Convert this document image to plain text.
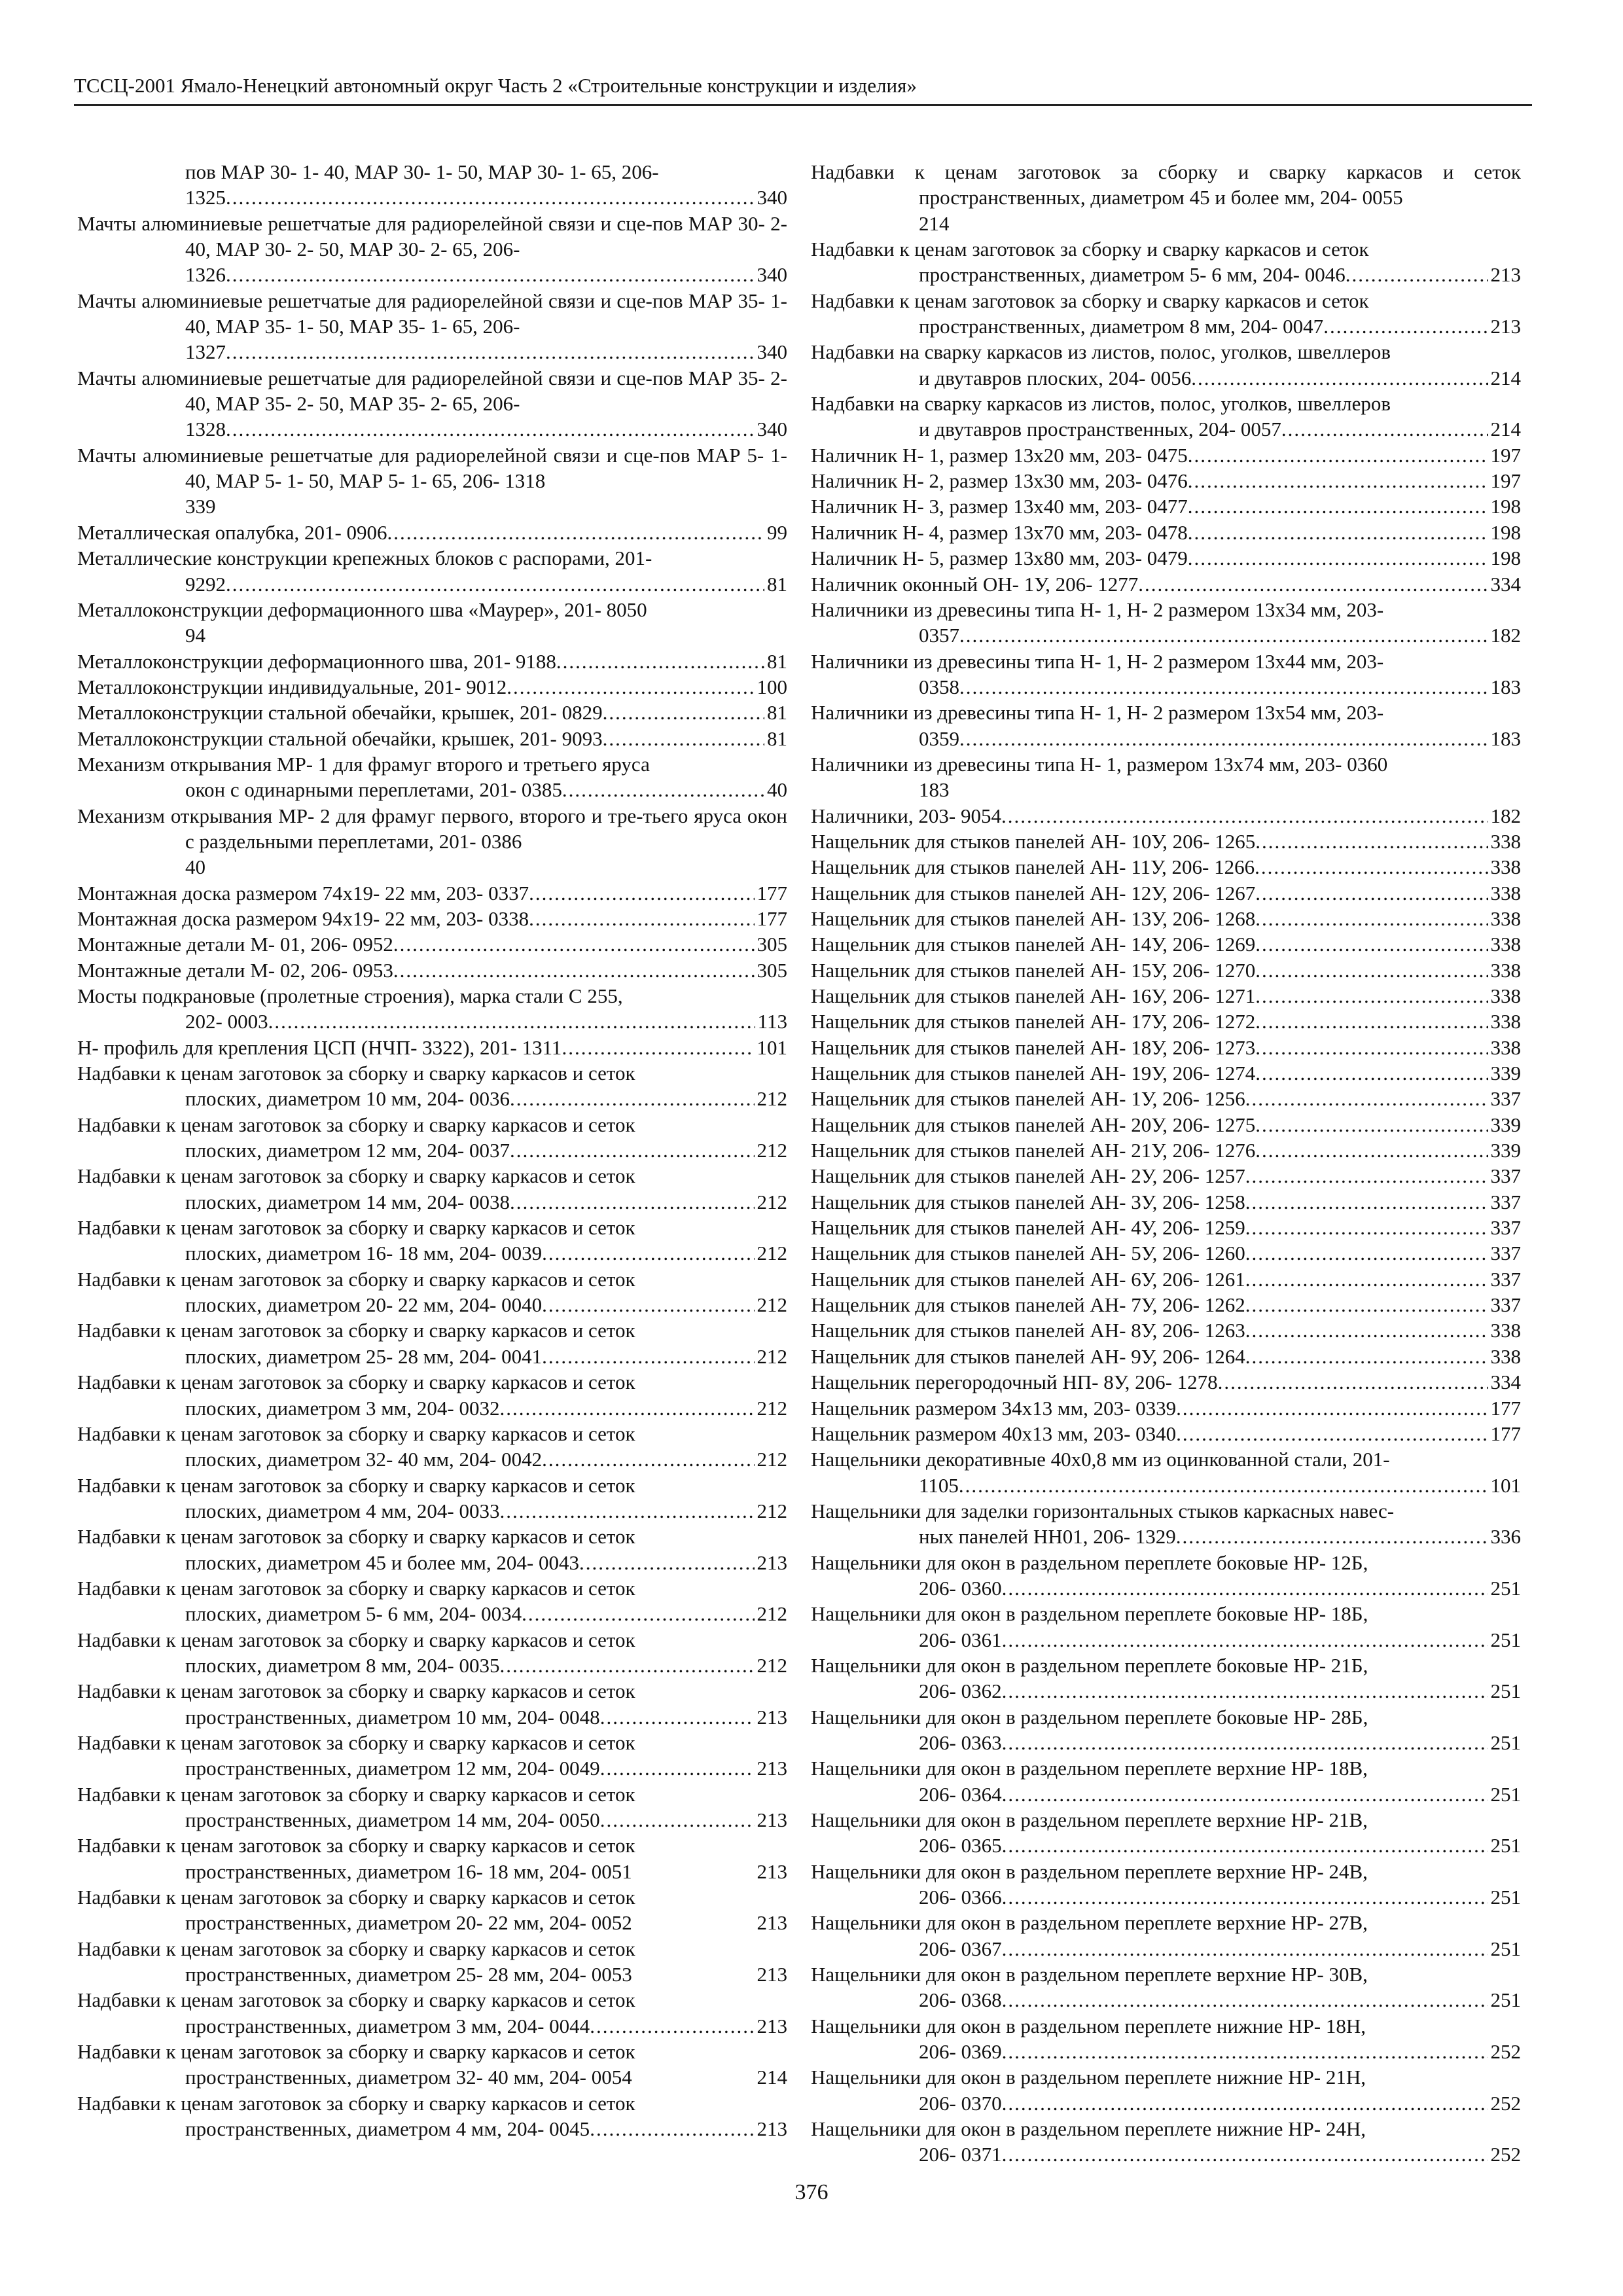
ТССЦ-2001 Ямало-Ненецкий автономный округ Часть 2 «Строительные конструкции и изделия»
пов МАР 30- 1- 40, МАР 30- 1- 50, МАР 30- 1- 65, 206-
1325 .....	340
Мачты алюминиевые решетчатые для радиорелейной связи и сце-пов МАР 30- 2- 40, МАР 30- 2- 50, МАР 30- 2- 65, 206-
1326 .....	340
Мачты алюминиевые решетчатые для радиорелейной связи и сце-пов МАР 35- 1- 40, МАР 35- 1- 50, МАР 35- 1- 65, 206-
1327 .....	340
Мачты алюминиевые решетчатые для радиорелейной связи и сце-пов МАР 35- 2- 40, МАР 35- 2- 50, МАР 35- 2- 65, 206-
1328 .....	340
Мачты алюминиевые решетчатые для радиорелейной связи и сце-пов МАР 5- 1- 40, МАР 5- 1- 50, МАР 5- 1- 65, 206- 1318
339
Металлическая опалубка, 201- 0906 .....	99
Металлические конструкции крепежных блоков с распорами, 201-
9292 .....	81
Металлоконструкции деформационного шва «Маурер», 201- 8050
94
Металлоконструкции деформационного шва, 201- 9188 .....	81
Металлоконструкции индивидуальные, 201- 9012 .....	100
Металлоконструкции стальной обечайки, крышек, 201- 0829 .....	81
Металлоконструкции стальной обечайки, крышек, 201- 9093 .....	81
Механизм открывания МР- 1 для фрамуг второго и третьего яруса
окон с одинарными переплетами, 201- 0385 .....	40
Механизм открывания МР- 2 для фрамуг первого, второго и тре-тьего яруса окон с раздельными переплетами, 201- 0386
40
Монтажная доска размером 74х19- 22 мм, 203- 0337 .....	177
Монтажная доска размером 94х19- 22 мм, 203- 0338 .....	177
Монтажные детали М- 01, 206- 0952 .....	305
Монтажные детали М- 02, 206- 0953 .....	305
Мосты подкрановые (пролетные строения), марка стали С 255,
202- 0003 .....	113
Н- профиль для крепления ЦСП (НЧП- 3322), 201- 1311 .....	101
Надбавки к ценам заготовок за сборку и сварку каркасов и сеток
плоских, диаметром 10 мм, 204- 0036 .....	212
Надбавки к ценам заготовок за сборку и сварку каркасов и сеток
плоских, диаметром 12 мм, 204- 0037 .....	212
Надбавки к ценам заготовок за сборку и сварку каркасов и сеток
плоских, диаметром 14 мм, 204- 0038 .....	212
Надбавки к ценам заготовок за сборку и сварку каркасов и сеток
плоских, диаметром 16- 18 мм, 204- 0039 .....	212
Надбавки к ценам заготовок за сборку и сварку каркасов и сеток
плоских, диаметром 20- 22 мм, 204- 0040 .....	212
Надбавки к ценам заготовок за сборку и сварку каркасов и сеток
плоских, диаметром 25- 28 мм, 204- 0041 .....	212
Надбавки к ценам заготовок за сборку и сварку каркасов и сеток
плоских, диаметром 3 мм, 204- 0032 .....	212
Надбавки к ценам заготовок за сборку и сварку каркасов и сеток
плоских, диаметром 32- 40 мм, 204- 0042 .....	212
Надбавки к ценам заготовок за сборку и сварку каркасов и сеток
плоских, диаметром 4 мм, 204- 0033 .....	212
Надбавки к ценам заготовок за сборку и сварку каркасов и сеток
плоских, диаметром 45 и более мм, 204- 0043 .....	213
Надбавки к ценам заготовок за сборку и сварку каркасов и сеток
плоских, диаметром 5- 6 мм, 204- 0034 .....	212
Надбавки к ценам заготовок за сборку и сварку каркасов и сеток
плоских, диаметром 8 мм, 204- 0035 .....	212
Надбавки к ценам заготовок за сборку и сварку каркасов и сеток
пространственных, диаметром 10 мм, 204- 0048 .....	213
Надбавки к ценам заготовок за сборку и сварку каркасов и сеток
пространственных, диаметром 12 мм, 204- 0049 .....	213
Надбавки к ценам заготовок за сборку и сварку каркасов и сеток
пространственных, диаметром 14 мм, 204- 0050 .....	213
Надбавки к ценам заготовок за сборку и сварку каркасов и сеток
пространственных, диаметром 16- 18 мм, 204- 0051	213
Надбавки к ценам заготовок за сборку и сварку каркасов и сеток
пространственных, диаметром 20- 22 мм, 204- 0052	213
Надбавки к ценам заготовок за сборку и сварку каркасов и сеток
пространственных, диаметром 25- 28 мм, 204- 0053	213
Надбавки к ценам заготовок за сборку и сварку каркасов и сеток
пространственных, диаметром 3 мм, 204- 0044 .....	213
Надбавки к ценам заготовок за сборку и сварку каркасов и сеток
пространственных, диаметром 32- 40 мм, 204- 0054	214
Надбавки к ценам заготовок за сборку и сварку каркасов и сеток
пространственных, диаметром 4 мм, 204- 0045 .....	213
Надбавки к ценам заготовок за сборку и сварку каркасов и сеток пространственных, диаметром 45 и более мм, 204- 0055
214
Надбавки к ценам заготовок за сборку и сварку каркасов и сеток
пространственных, диаметром 5- 6 мм, 204- 0046 .....	213
Надбавки к ценам заготовок за сборку и сварку каркасов и сеток
пространственных, диаметром 8 мм, 204- 0047 .....	213
Надбавки на сварку каркасов из листов, полос, уголков, швеллеров
и двутавров плоских, 204- 0056 .....	214
Надбавки на сварку каркасов из листов, полос, уголков, швеллеров
и двутавров пространственных, 204- 0057 .....	214
Наличник Н- 1, размер 13х20 мм, 203- 0475 .....	197
Наличник Н- 2, размер 13х30 мм, 203- 0476 .....	197
Наличник Н- 3, размер 13х40 мм, 203- 0477 .....	198
Наличник Н- 4, размер 13х70 мм, 203- 0478 .....	198
Наличник Н- 5, размер 13х80 мм, 203- 0479 .....	198
Наличник оконный ОН- 1У, 206- 1277 .....	334
Наличники из древесины типа Н- 1, Н- 2 размером 13х34 мм, 203-
0357 .....	182
Наличники из древесины типа Н- 1, Н- 2 размером 13х44 мм, 203-
0358 .....	183
Наличники из древесины типа Н- 1, Н- 2 размером 13х54 мм, 203-
0359 .....	183
Наличники из древесины типа Н- 1, размером 13х74 мм, 203- 0360
183
Наличники, 203- 9054 .....	182
Нащельник для стыков панелей АН- 10У, 206- 1265 .....	338
Нащельник для стыков панелей АН- 11У, 206- 1266 .....	338
Нащельник для стыков панелей АН- 12У, 206- 1267 .....	338
Нащельник для стыков панелей АН- 13У, 206- 1268 .....	338
Нащельник для стыков панелей АН- 14У, 206- 1269 .....	338
Нащельник для стыков панелей АН- 15У, 206- 1270 .....	338
Нащельник для стыков панелей АН- 16У, 206- 1271 .....	338
Нащельник для стыков панелей АН- 17У, 206- 1272 .....	338
Нащельник для стыков панелей АН- 18У, 206- 1273 .....	338
Нащельник для стыков панелей АН- 19У, 206- 1274 .....	339
Нащельник для стыков панелей АН- 1У, 206- 1256 .....	337
Нащельник для стыков панелей АН- 20У, 206- 1275 .....	339
Нащельник для стыков панелей АН- 21У, 206- 1276 .....	339
Нащельник для стыков панелей АН- 2У, 206- 1257 .....	337
Нащельник для стыков панелей АН- 3У, 206- 1258 .....	337
Нащельник для стыков панелей АН- 4У, 206- 1259 .....	337
Нащельник для стыков панелей АН- 5У, 206- 1260 .....	337
Нащельник для стыков панелей АН- 6У, 206- 1261 .....	337
Нащельник для стыков панелей АН- 7У, 206- 1262 .....	337
Нащельник для стыков панелей АН- 8У, 206- 1263 .....	338
Нащельник для стыков панелей АН- 9У, 206- 1264 .....	338
Нащельник перегородочный НП- 8У, 206- 1278 .....	334
Нащельник размером 34х13 мм, 203- 0339 .....	177
Нащельник размером 40х13 мм, 203- 0340 .....	177
Нащельники декоративные 40х0,8 мм из оцинкованной стали, 201-
1105 .....	101
Нащельники для заделки горизонтальных стыков каркасных навес-
ных панелей НН01, 206- 1329 .....	336
Нащельники для окон в раздельном переплете боковые НР- 12Б,
206- 0360 .....	251
Нащельники для окон в раздельном переплете боковые НР- 18Б,
206- 0361 .....	251
Нащельники для окон в раздельном переплете боковые НР- 21Б,
206- 0362 .....	251
Нащельники для окон в раздельном переплете боковые НР- 28Б,
206- 0363 .....	251
Нащельники для окон в раздельном переплете верхние НР- 18В,
206- 0364 .....	251
Нащельники для окон в раздельном переплете верхние НР- 21В,
206- 0365 .....	251
Нащельники для окон в раздельном переплете верхние НР- 24В,
206- 0366 .....	251
Нащельники для окон в раздельном переплете верхние НР- 27В,
206- 0367 .....	251
Нащельники для окон в раздельном переплете верхние НР- 30В,
206- 0368 .....	251
Нащельники для окон в раздельном переплете нижние НР- 18Н,
206- 0369 .....	252
Нащельники для окон в раздельном переплете нижние НР- 21Н,
206- 0370 .....	252
Нащельники для окон в раздельном переплете нижние НР- 24Н,
206- 0371 .....	252
376
